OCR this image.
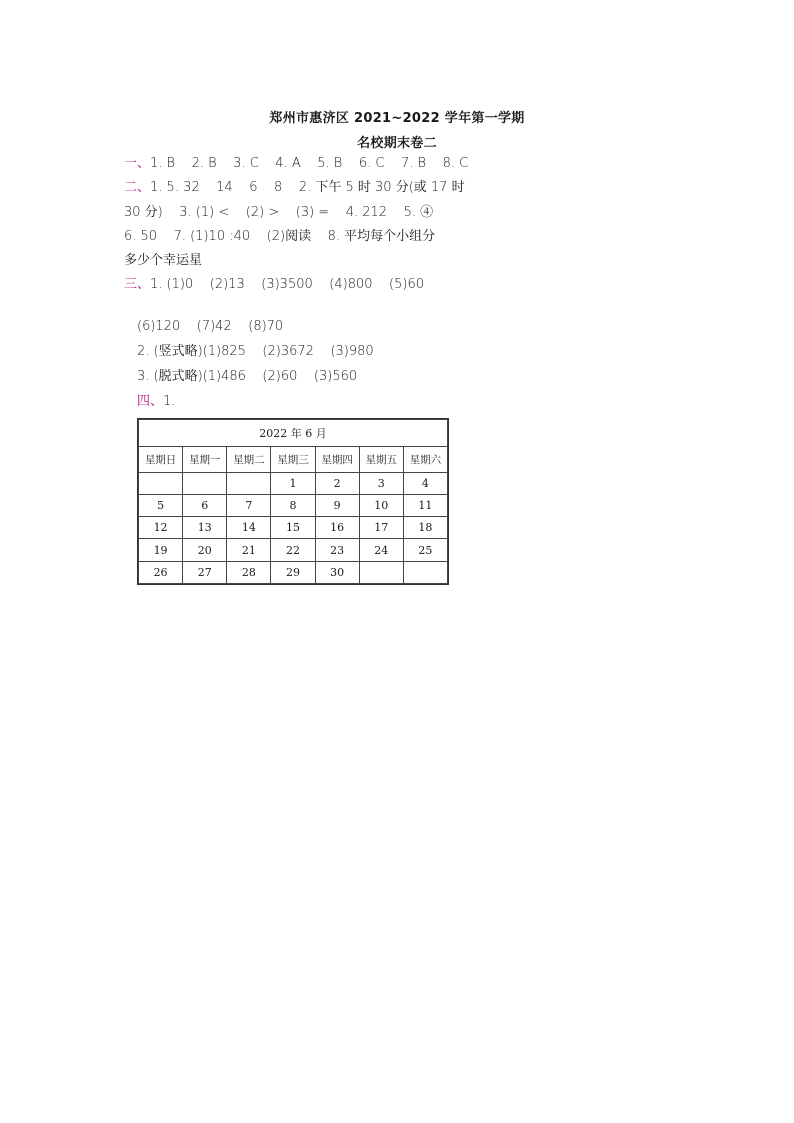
郑州市惠济区 2021~2022 学年第一学期
名校期末卷二
一、1. B    2. B    3. C    4. A    5. B    6. C    7. B    8. C
二、1. 5. 32    14    6    8    2. 下午 5 时 30 分(或 17 时
30 分)    3. (1) <    (2) >    (3) =    4. 212    5. ④
6. 50    7. (1)10 :40    (2)阅读    8. 平均每个小组分
多少个幸运星
三、1. (1)0    (2)13    (3)3500    (4)800    (5)60
(6)120    (7)42    (8)70
2. (竖式略)(1)825    (2)3672    (3)980
3. (脱式略)(1)486    (2)60    (3)560
四、1.
2022 年 6 月						
星期日	星期一	星期二	星期三	星期四	星期五	星期六
			1	2	3	4
5	6	7	8	9	10	11
12	13	14	15	16	17	18
19	20	21	22	23	24	25
26	27	28	29	30		
